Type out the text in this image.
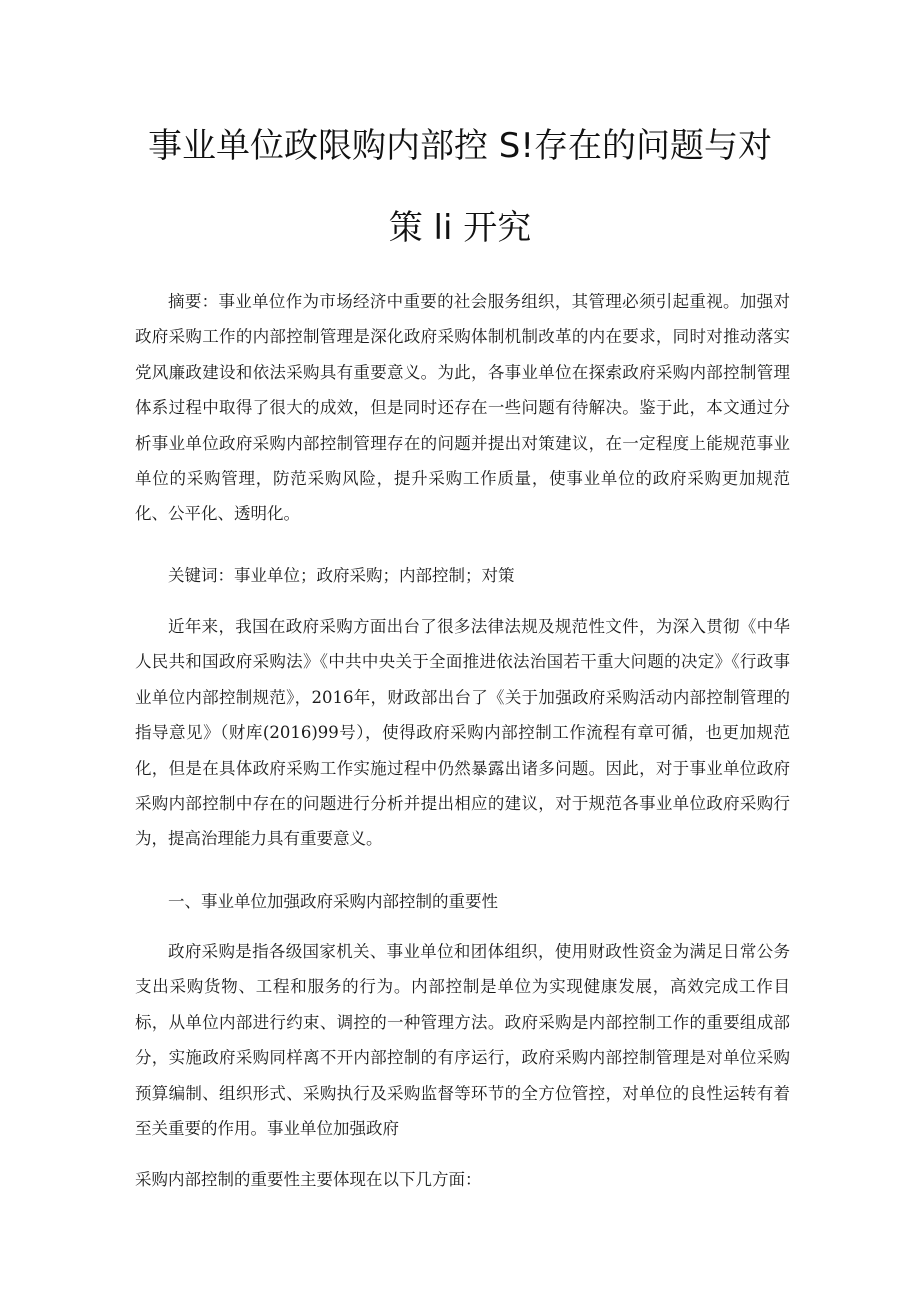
事业单位政限购内部控 S!存在的问题与对
策 li 开究

摘要：事业单位作为市场经济中重要的社会服务组织，其管理必须引起重视。加强对政府采购工作的内部控制管理是深化政府采购体制机制改革的内在要求，同时对推动落实党风廉政建设和依法采购具有重要意义。为此，各事业单位在探索政府采购内部控制管理体系过程中取得了很大的成效，但是同时还存在一些问题有待解决。鉴于此，本文通过分析事业单位政府采购内部控制管理存在的问题并提出对策建议，在一定程度上能规范事业单位的采购管理，防范采购风险，提升采购工作质量，使事业单位的政府采购更加规范化、公平化、透明化。

关键词：事业单位；政府采购；内部控制；对策

近年来，我国在政府采购方面出台了很多法律法规及规范性文件，为深入贯彻《中华人民共和国政府采购法》《中共中央关于全面推进依法治国若干重大问题的决定》《行政事业单位内部控制规范》，2016年，财政部出台了《关于加强政府采购活动内部控制管理的指导意见》（财库(2016)99号），使得政府采购内部控制工作流程有章可循，也更加规范化，但是在具体政府采购工作实施过程中仍然暴露出诸多问题。因此，对于事业单位政府采购内部控制中存在的问题进行分析并提出相应的建议，对于规范各事业单位政府采购行为，提高治理能力具有重要意义。

一、事业单位加强政府采购内部控制的重要性

政府采购是指各级国家机关、事业单位和团体组织，使用财政性资金为满足日常公务支出采购货物、工程和服务的行为。内部控制是单位为实现健康发展，高效完成工作目标，从单位内部进行约束、调控的一种管理方法。政府采购是内部控制工作的重要组成部分，实施政府采购同样离不开内部控制的有序运行，政府采购内部控制管理是对单位采购预算编制、组织形式、采购执行及采购监督等环节的全方位管控，对单位的良性运转有着至关重要的作用。事业单位加强政府

采购内部控制的重要性主要体现在以下几方面：
